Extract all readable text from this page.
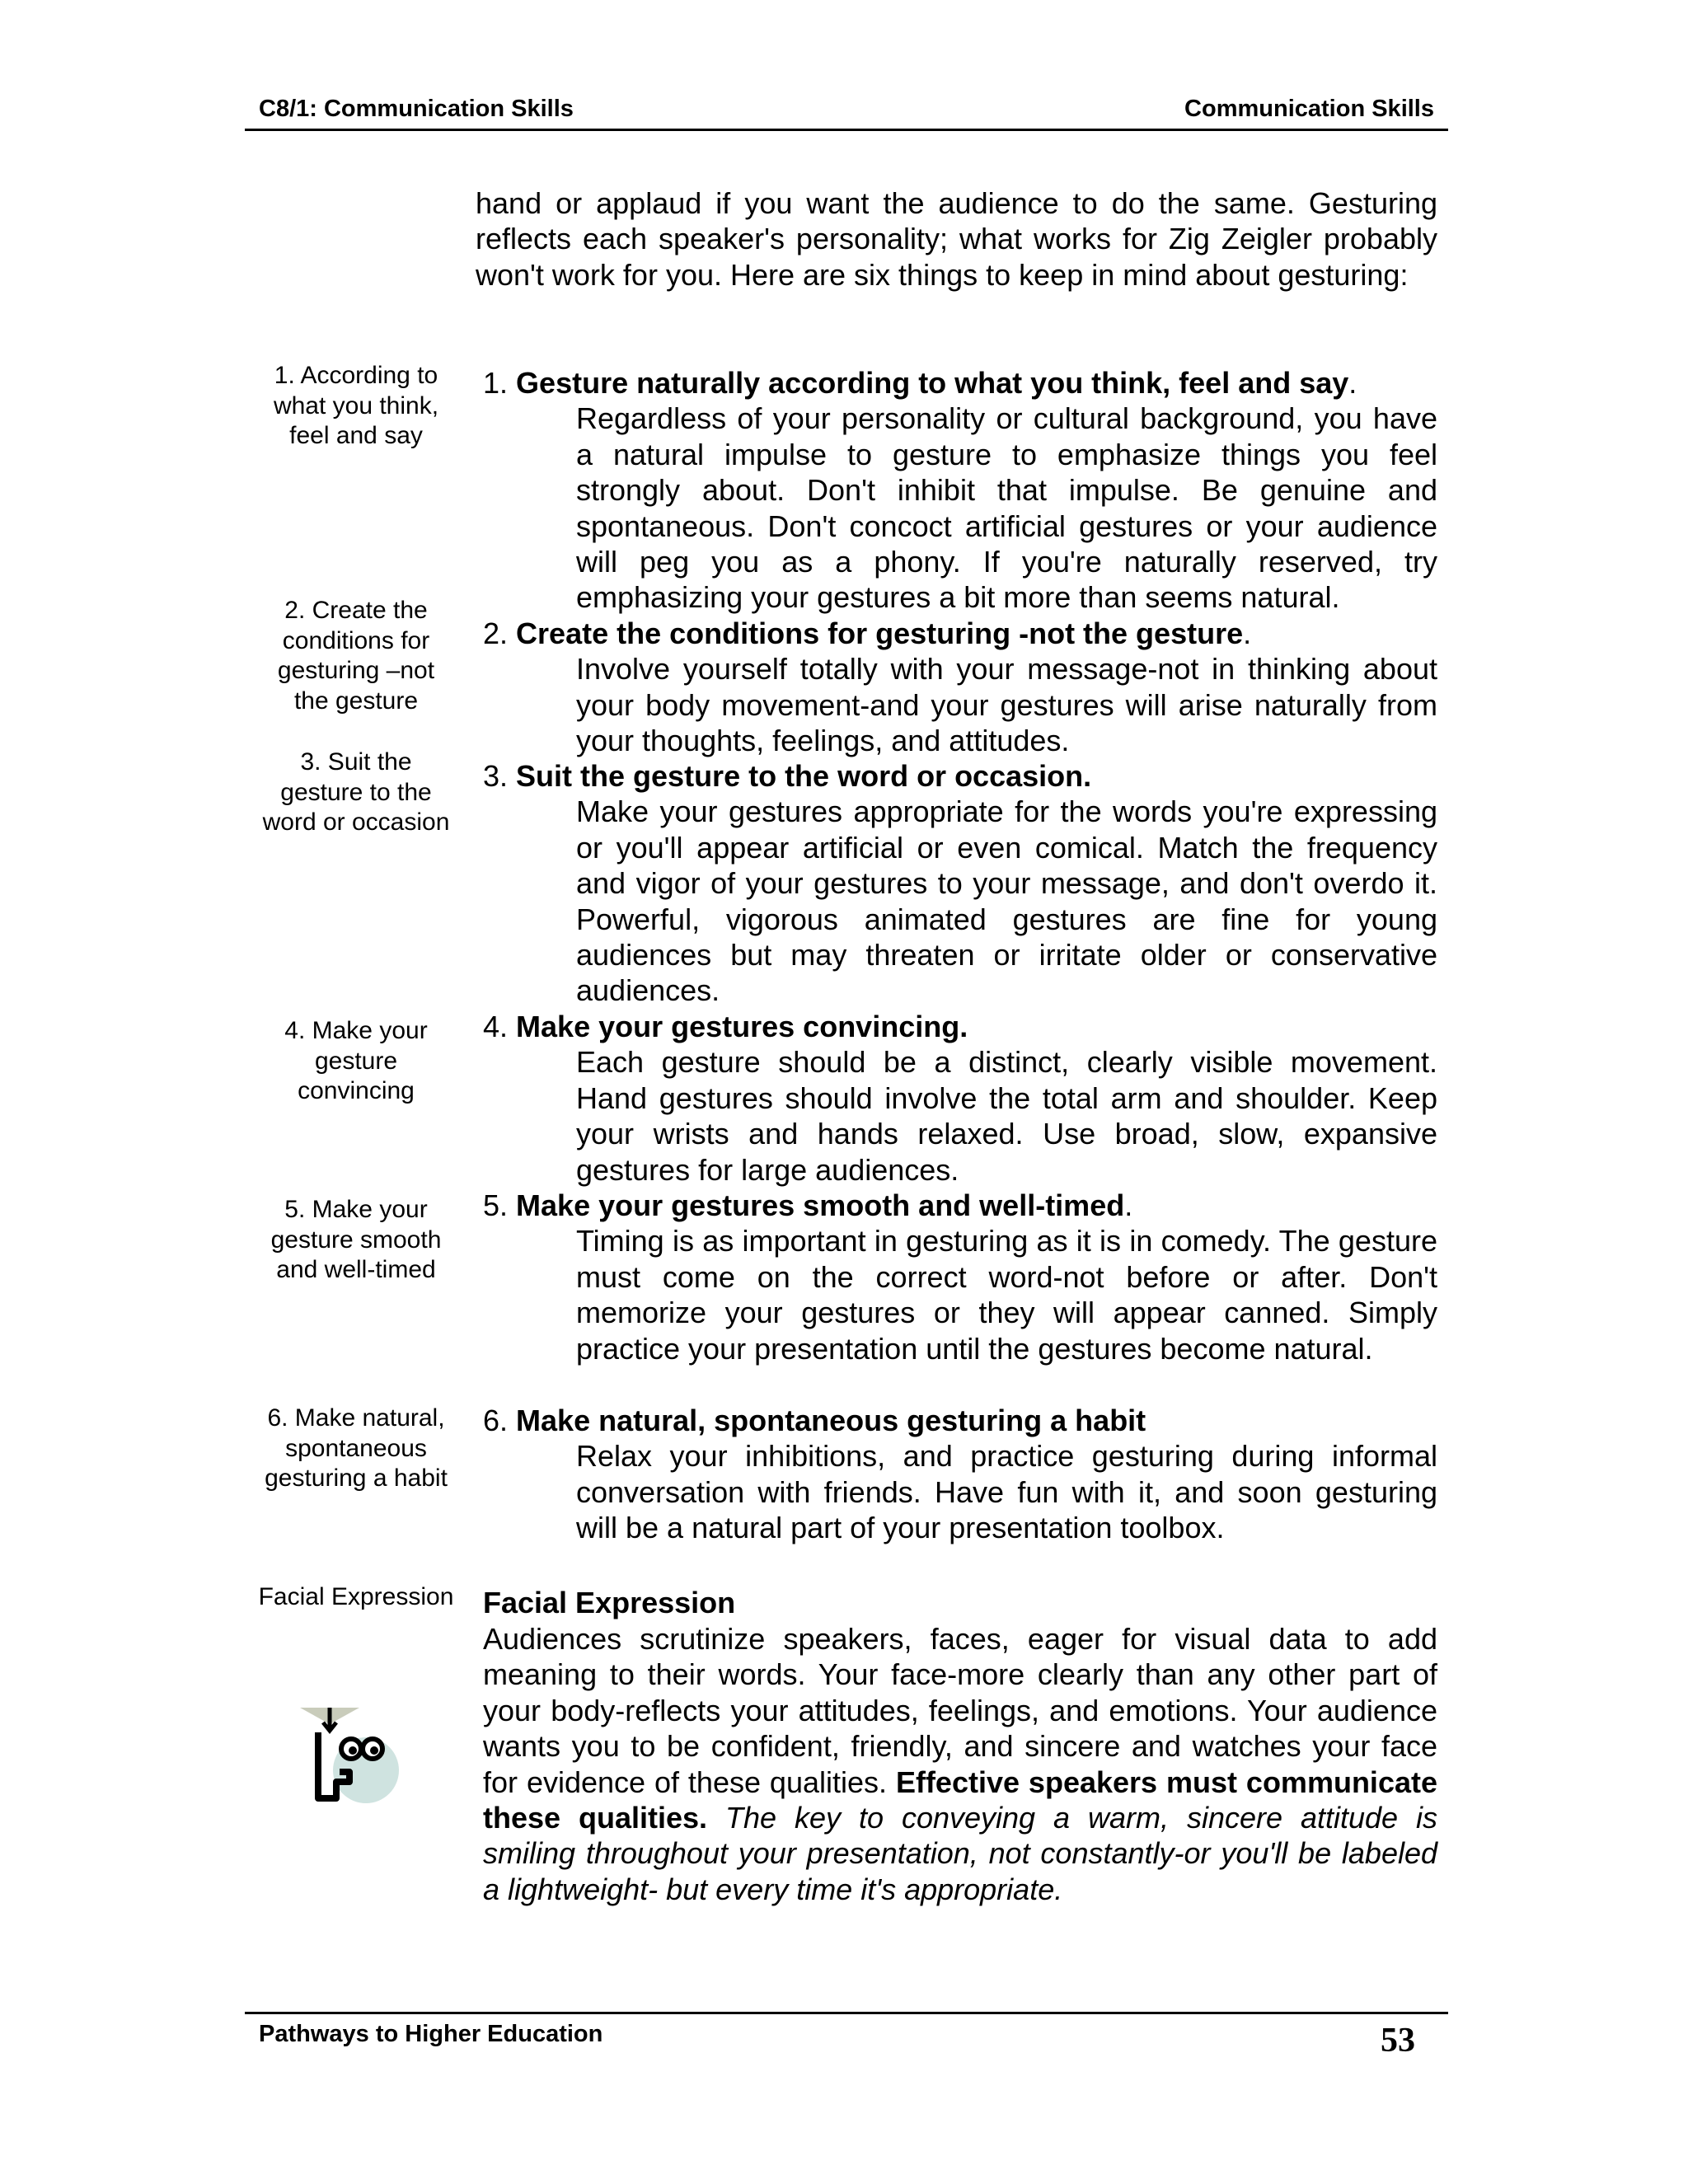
C8/1: Communication Skills	Communication Skills
hand or applaud if you want the audience to do the same. Gesturing reflects each speaker's personality; what works for Zig Zeigler probably won't work for you. Here are six things to keep in mind about gesturing:
1. According to what you think, feel and say
2. Create the conditions for gesturing –not the gesture
3. Suit the gesture to the word or occasion
4. Make your gesture convincing
5. Make your gesture smooth and well-timed
6. Make natural, spontaneous gesturing a habit
Facial Expression

1. Gesture naturally according to what you think, feel and say.

Regardless of your personality or cultural background, you have a natural impulse to gesture to emphasize things you feel strongly about. Don't inhibit that impulse. Be genuine and spontaneous. Don't concoct artificial gestures or your audience will peg you as a phony. If you're naturally reserved, try emphasizing your gestures a bit more than seems natural.

2. Create the conditions for gesturing -not the gesture.

Involve yourself totally with your message-not in thinking about your body movement-and your gestures will arise naturally from your thoughts, feelings, and attitudes.

3. Suit the gesture to the word or occasion.

Make your gestures appropriate for the words you're expressing or you'll appear artificial or even comical. Match the frequency and vigor of your gestures to your message, and don't overdo it. Powerful, vigorous animated gestures are fine for young audiences but may threaten or irritate older or conservative audiences.

4. Make your gestures convincing.

Each gesture should be a distinct, clearly visible movement. Hand gestures should involve the total arm and shoulder. Keep your wrists and hands relaxed. Use broad, slow, expansive gestures for large audiences.

5. Make your gestures smooth and well-timed.

Timing is as important in gesturing as it is in comedy. The gesture must come on the correct word-not before or after. Don't memorize your gestures or they will appear canned. Simply practice your presentation until the gestures become natural.

6. Make natural, spontaneous gesturing a habit

Relax your inhibitions, and practice gesturing during informal conversation with friends. Have fun with it, and soon gesturing will be a natural part of your presentation toolbox.

Facial Expression
Audiences scrutinize speakers, faces, eager for visual data to add meaning to their words. Your face-more clearly than any other part of your body-reflects your attitudes, feelings, and emotions. Your audience wants you to be confident, friendly, and sincere and watches your face for evidence of these qualities. Effective speakers must communicate these qualities. The key to conveying a warm, sincere attitude is smiling throughout your presentation, not constantly-or you'll be labeled a lightweight- but every time it's appropriate.
Pathways to Higher Education	53
